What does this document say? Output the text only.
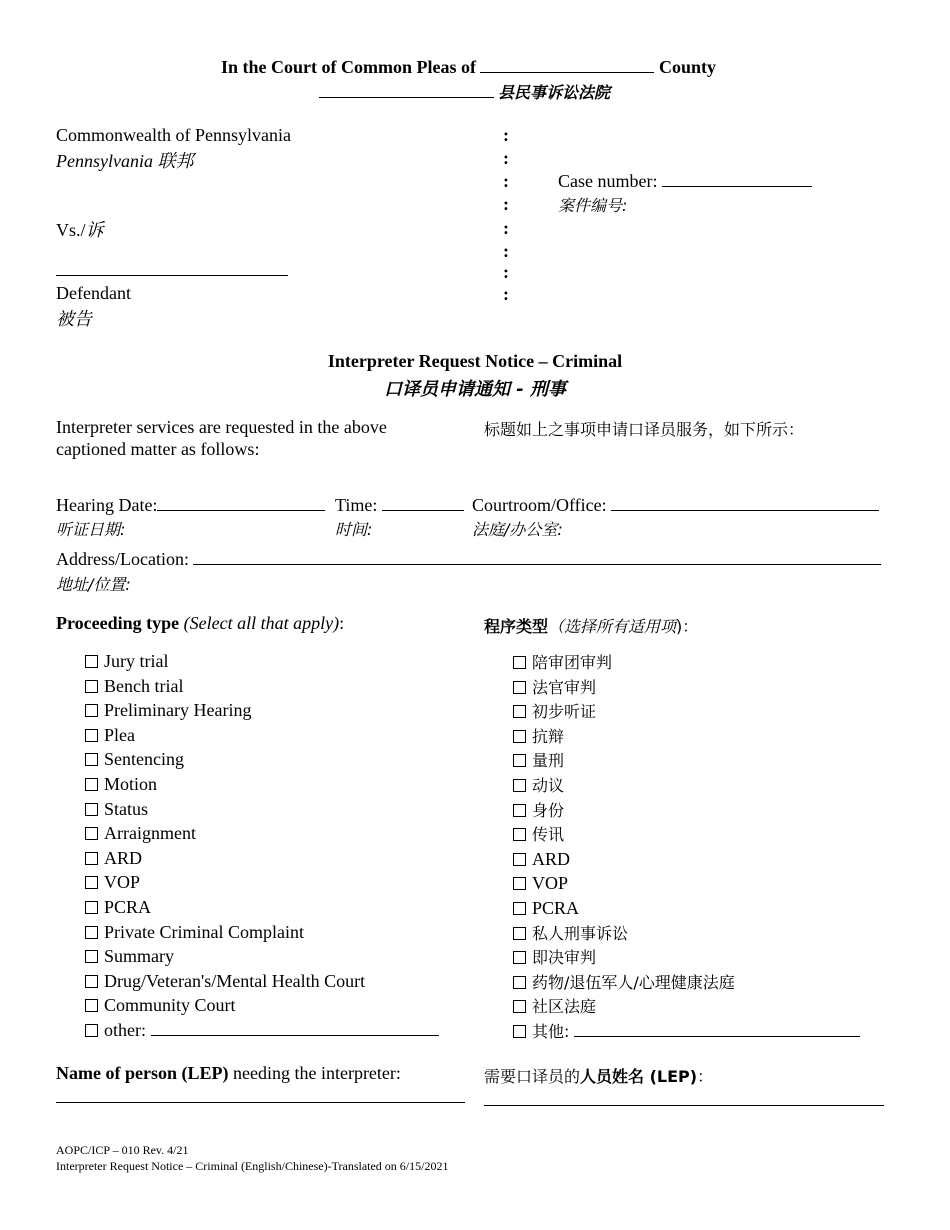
In the Court of Common Pleas of	County
县民事诉讼法院
Commonwealth of Pennsylvania
Pennsylvania 联邦
Vs./诉
Defendant
被告
:
:
:
:
:
:
:
:
Case number:
案件编号:
Interpreter Request Notice – Criminal
口译员申请通知 - 刑事
Interpreter services are requested in the above captioned matter as follows:
标题如上之事项申请口译员服务，如下所示：
Hearing Date:
听证日期:
Time:
时间:
Courtroom/Office:
法庭/办公室:
Address/Location:
地址/位置:
Proceeding type (Select all that apply):	程序类型（选择所有适用项)：
Jury trial
Bench trial
Preliminary Hearing
Plea
Sentencing
Motion
Status
Arraignment
ARD
VOP
PCRA
Private Criminal Complaint
Summary
Drug/Veteran's/Mental Health Court
Community Court
other:
陪审团审判
法官审判
初步听证
抗辩
量刑
动议
身份
传讯
ARD
VOP
PCRA
私人刑事诉讼
即决审判
药物/退伍军人/心理健康法庭
社区法庭
其他:
Name of person (LEP) needing the interpreter:	需要口译员的人员姓名 (LEP)：
AOPC/ICP – 010 Rev. 4/21
Interpreter Request Notice – Criminal (English/Chinese)-Translated on 6/15/2021
